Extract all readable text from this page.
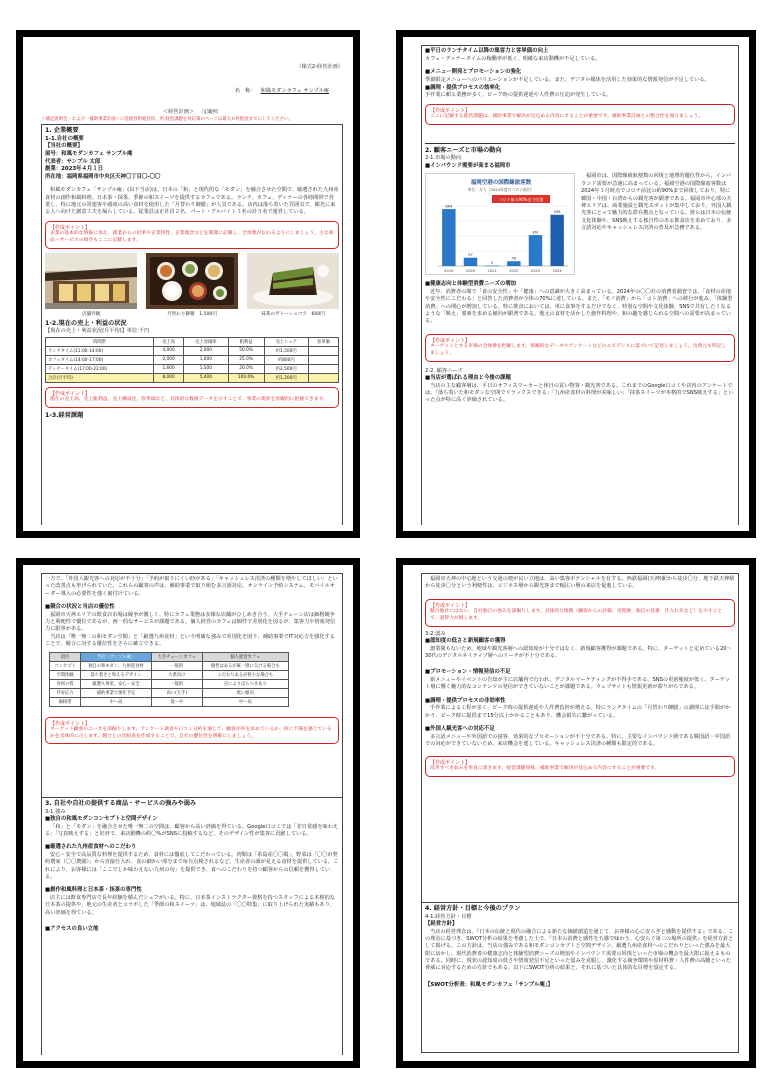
（様式2-経営計画）
名　称： 和風モダンカフェ サンプル庵
＜経営計画＞ ［記載例］
＜補足説明会・および一補助事業計画＞に沿経営的経営状、所,経営課題を対応策のページは最大８枚程度までにしてください。
1. 企業概要
1-1.自社の概要
【当社の概要】
屋号：和風モダンカフェ サンプル庵
代表者：サンプル 太郎
創業：2023年４月１日
所在地：福岡県福岡市中央区天神〇丁目〇-〇〇
和風モダンカフェ「サンプル庵」(以下当店)は、日本の「和」と現代的な「モダン」を融合させた空間で、厳選された九州産食材の創作和風料理、日本茶・抹茶、季節の和スイーツを提供するカフェである。ランチ、カフェ、ディナーの各時間帯で営業し、特に地元の常連客や感度の高い食材を使用した「月替わり御膳」が人気である。店内は落ち着いた雰囲気で、観光に来る人へ向けた創意工夫を凝らしている。従業員は正社員２名、パート・アルバイト３名の計５名で運営している。
【作成ポイント】
企業の基本的な情報に加え、創業からの沿革や企業特性、企業理念などを簡潔に記載し、全体像が伝わるようにしましょう。主な商品・サービスの紹介もここに記載します。
店舗外観	月替わり御膳　1,500円	抹茶のガトーショコラ　600円
1-2.現在の売上・利益の状況
【現在の売上・利益状況(月平均)】単位:千円
時間帯	売上高	売上原価率	粗利益	売上シェア	客単価
ランチタイム(11:00-14:00)	4,000	2,000	50.0%	約1,500円	
カフェタイム(14:00-17:00)	2,000	1,000	25.0%	約800円	
ディナータイム(17:00-22:00)	1,600	1,500	20.0%	約2,500円	
合計(月平均)	8,000	5,400	100.0%	約1,200円	
【作成ポイント】
現在の売上高、売上総利益、売上構成比、客単価など、具体的な数値データを示すことで、事業の現状を客観的に把握できます。
1-3.経営課題
■平日のランチタイム以降の集客力と客単価の向上
カフェ・ディナータイムの稼働率が低く、明確な来店動機が不足している。
■メニュー開発とプロモーションの強化
季節限定メニューへのバリエーションが不足している。また、デジタル媒体を活用した効果的な情報発信が不足している。
■調理・提供プロセスの効率化
手作業に頼る業務が多く、ピーク時の提供遅延や人件費の圧迫が発生している。
【作成ポイント】
ここに記載する経営課題は、補助事業で解決が見込める内容にすることが重要です。補助事業計画との整合性を図りましょう。
2. 顧客ニーズと市場の動向
2-1.市場の動向
■インバウンド需要が高まる福岡市
福岡空港の国際線旅客数
単位：万人（2024年度はコロナ前比）
コロナ前の90%まで回復
664
2019
97
2020
5
2021
56
2022
361
2023
598
2024
福岡市は、国際線就航便数の回復と地理的優位性から、インバウンド需要が急速に高まっている。福岡空港の国際線旅客数は2024年３月時点でコロナ前比の約90%まで回復しており、特に韓国・中国・台湾からの観光客が顕著である。福岡市中心部の天神エリアは、商業施設と観光スポットが集中しており、外国人観光客にとって魅力的な滞在拠点となっている。彼らは日本の伝統文化体験や、SNS映えする独自性のある飲食店を求めており、多言語対応やキャッシュレス決済の普及が急務である。
■健康志向と体験型消費ニーズの増加
近年、消費者の間で「食の安全性」や「健康」への意識が大きく高まっている。2024年の〇〇社の消費者調査では、「食材の産地や安全性にこだわる」と回答した消費者が全体の70%に達している。また、「モノ消費」から「コト消費」への移行が進み、「体験型消費」への関心が増加している。特に飲食においては、単に食事をするだけでなく、特別な空間や文化体験、SNSで共有したくなるような「映え」要素を求める傾向が顕著である。地元の食材を活かした創作料理や、和の趣を感じられる空間への需要が高まっている。
【作成ポイント】
ターゲットとする市場の全体像を把握します。客観的なデータやアンケートなどのエビデンスに基づいて記述しましょう。出典元も明記しましょう。
2-2. 顧客ニーズ
■当店が選ばれる理由と今後の課題
当店の主な顧客層は、平日のオフィスワーカーと休日の買い物客・観光客である。これまでのGoogle口コミや店内のアンケートでは、「落ち着いた和モダンな空間でリラックスできる」「九州産食材の料理が美味しい」「抹茶スイーツが本格的でSNS映えする」といった点が特に高く評価されている。
一方で、「外国人観光客への対応が不十分」「予約が取りにくい時がある」「キャッシュレス決済の種類を増やしてほしい」といった改善点も挙げられていた。これらの顧客の声は、補助事業で取り組む多言語対応、オンライン予約システム、モバイルオーダー導入の必要性を強く裏付けている。
■競合の状況と当店の優位性
福岡市天神エリアの飲食店市場は競争が激しく、特にカフェ業態は多様な店舗がひしめき合う。大手チェーン店は価格競争力と利便性で優位であるが、画一的なサービスが課題である。個人経営のカフェは個性で差別化を図るが、集客力や情報発信力に限界がある。
当店は「唯一無二の和モダン空間」と「厳選九州食材」という明確な強みで差別化を図り、補助事業でIT対応力を強化することで、競合に対する優位性をさらに確立できる。
項目	当店（サンプル庵）	大手チェーンカフェ	個人経営カフェ
コンセプト	独自の和モダン、九州産食材	一般的	個性はあるが統一感に欠ける場合も
空間体験	落ち着きと和えるデザイン	大衆向け	こだわりあるが狭小な場合も
食材の質	厳選九州産、安心・安全	一般的	店によりばらつきあり
IT対応力	補助事業で強化予定	高い(大手)	低い傾向
価格帯	中～高	低～中	中～高
【作成ポイント】
ターゲット顧客のニーズを深掘りします。アンケート調査や口コミ分析を通じて、顧客が何を求めているか、何に不満を感じているかを具体的に示します。競合との比較表を作成することで、自社の優位性を明確にしましょう。
3. 自社や自社の提供する商品・サービスの強みや弱み
3-1.強み
■独自の和風モダンコンセプトと空間デザイン
「和」と「モダン」を融合させた唯一無二の空間は、顧客から高い評価を得ている。Google口コミでは「非日常感を味わえる」「写真映えする」と好評で、来店動機の約〇%がSNSに投稿するなど、そのデザイン性が集客に貢献している。
■厳選された九州産食材へのこだわり
安心・安全で高品質な料理を提供するため、食材には徹底してこだわっている。肉類は「糸島産〇〇鶏」、野菜は「〇〇市契約農家（〇〇農園）」から直接仕入れ、食の細かい部分まで毎日点検されるなど、生産者の顔が見える食材を提供している。これにより、お客様には「ここでしか味わえない九州の旬」を提供でき、食へのこだわりを持つ顧客からの信頼を獲得している。
■創作和風料理と日本茶・抹茶の専門性
店主には飲食専門店で長年経験を積んだシェフがいる。特に、日本茶インストラクター資格を持つスタッフによる本格的な日本茶の提供や、地元の生産者とコラボした「季節の和スイーツ」は、地域誌の「〇〇特集」に取り上げられた実績もあり、高い評価を得ている。
■アクセスの良い立地
福岡市天神の中心地という交通の便が良い立地は、高い集客ポテンシャルを有する。西鉄福岡(天神)駅から徒歩〇分、地下鉄天神駅から徒歩〇分という利便性は、ビジネス層から観光客まで幅広い層の来店を促進している。
【作成ポイント】
競合他社にはない、自社独自の強みを深掘りします。具体的な根拠（顧客からの評価、受賞歴、独自の技術、仕入れ先など）を示すことで、説得力が増します。
3-2.弱み
■認知度の低さと新規顧客の獲得
創業間もないため、地域や観光客層への認知度が十分ではなく、新規顧客獲得が課題である。特に、ターゲットと定めている20～30代のデジタルネイティブ層へのリーチが不十分である。
■プロモーション・情報発信の不足
新メニューやイベントの告知が主に店舗内で行われ、デジタルマーケティングが不得手である。SNSの更新頻度が低く、ターゲット層に響く魅力的なコンテンツの発信ができていないことが課題である。ウェブサイトも情報更新が滞りがちである。
■調理・提供プロセスの非効率性
手作業による工程が多く、ピーク時の提供遅延や人件費負担が増える。特にランチタイムの「月替わり御膳」の調理には手間がかかり、ピーク時に提供まで15分以上かかることもあり、機会損失に繋がっている。
■外国人観光客への対応不足
多言語メニューや外国語での接客、効果的なプロモーションが不十分である。特に、主要なインバウンド層である韓国語・中国語での対応ができていないため、来店機会を逃している。キャッシュレス決済の種類も限定的である。
【作成ポイント】
改善すべき弱みを率直に書きます。経営課題同様、補助事業で解決が見込める内容にすることが重要です。
4. 経営方針・目標と今後のプラン
4-1.経営方針・目標
【経営方針】
当店の経営理念は、『日本の伝統と現代の融合による新たな価値創造を通じて、お客様の心に安らぎと感動を提供する』である。この理念に基づき、SWOT分析の結果を考慮した上で、『日本の消費と感性を五感で味わう、心安らぐ第三の場所の提供』を経営方針として掲げる。この方針は、当店の強みである和モダンコンセプトと空間デザイン、厳選九州産食材へのこだわりといった強みを最大限に活かし、現代消費者の健康志向と体験型消費ニーズの増加やインバウンド需要の回復といった市場の機会を最大限に捉えるものである。同時に、現状の認知度の低さや情報発信不足といった弱みを克服し、激化する競争環境や原材料費・人件費の高騰といった脅威に対応するための方針でもある。以下にSWOT分析の結果と、それに基づいた具体的な目標を設定する。
【SWOT分析表：和風モダンカフェ「サンプル庵」】
